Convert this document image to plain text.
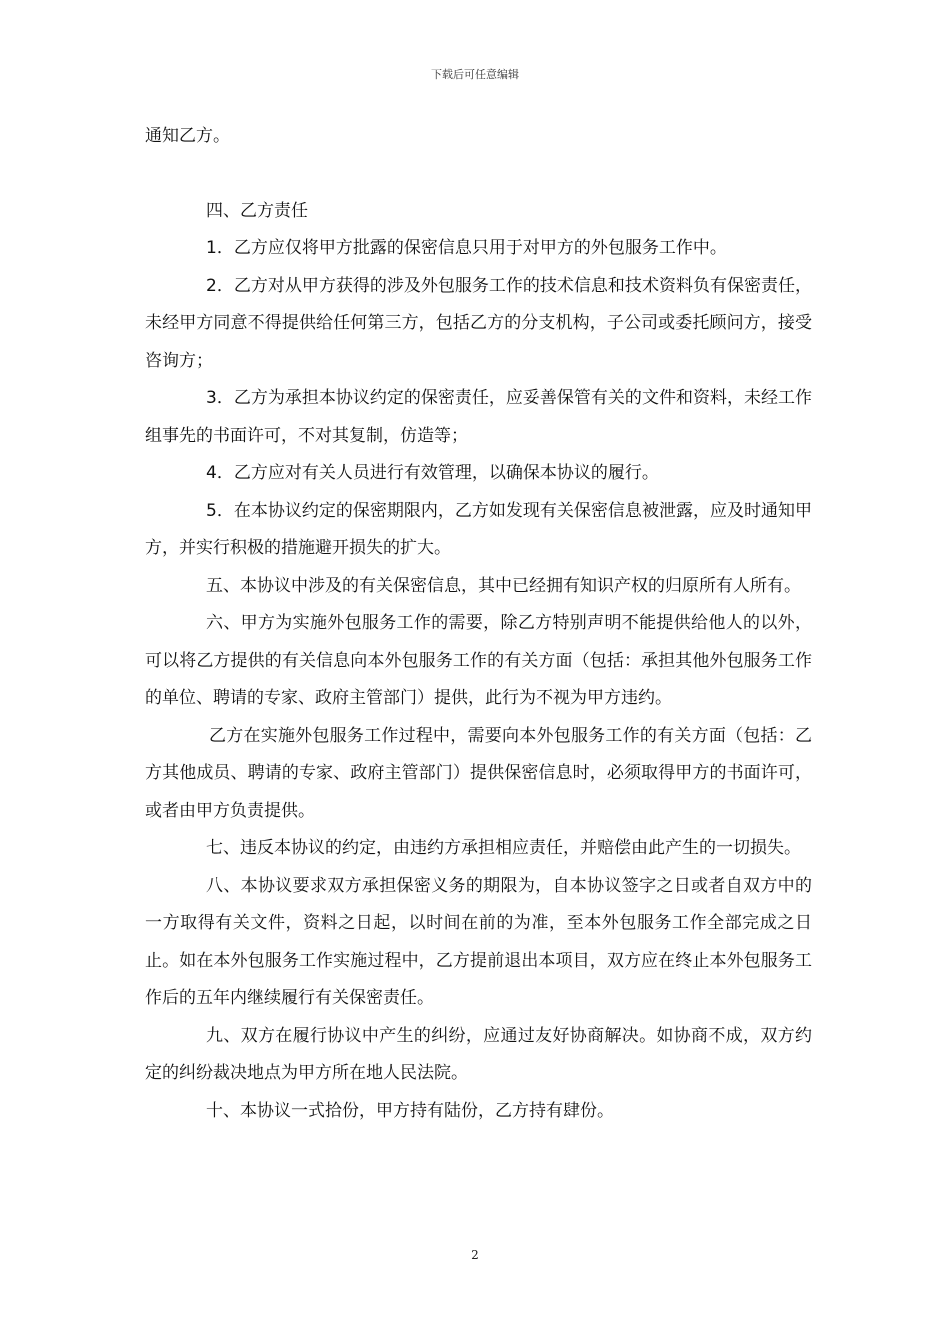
下载后可任意编辑

通知乙方。

四、乙方责任

1．乙方应仅将甲方批露的保密信息只用于对甲方的外包服务工作中。

2．乙方对从甲方获得的涉及外包服务工作的技术信息和技术资料负有保密责任，未经甲方同意不得提供给任何第三方，包括乙方的分支机构，子公司或委托顾问方，接受咨询方；

3．乙方为承担本协议约定的保密责任，应妥善保管有关的文件和资料，未经工作组事先的书面许可，不对其复制，仿造等；

4．乙方应对有关人员进行有效管理，以确保本协议的履行。

5．在本协议约定的保密期限内，乙方如发现有关保密信息被泄露，应及时通知甲方，并实行积极的措施避开损失的扩大。

五、本协议中涉及的有关保密信息，其中已经拥有知识产权的归原所有人所有。

六、甲方为实施外包服务工作的需要，除乙方特别声明不能提供给他人的以外，可以将乙方提供的有关信息向本外包服务工作的有关方面（包括：承担其他外包服务工作的单位、聘请的专家、政府主管部门）提供，此行为不视为甲方违约。

乙方在实施外包服务工作过程中，需要向本外包服务工作的有关方面（包括：乙方其他成员、聘请的专家、政府主管部门）提供保密信息时，必须取得甲方的书面许可，或者由甲方负责提供。

七、违反本协议的约定，由违约方承担相应责任，并赔偿由此产生的一切损失。

八、本协议要求双方承担保密义务的期限为，自本协议签字之日或者自双方中的一方取得有关文件，资料之日起，以时间在前的为准，至本外包服务工作全部完成之日止。如在本外包服务工作实施过程中，乙方提前退出本项目，双方应在终止本外包服务工作后的五年内继续履行有关保密责任。

九、双方在履行协议中产生的纠纷，应通过友好协商解决。如协商不成，双方约定的纠纷裁决地点为甲方所在地人民法院。

十、本协议一式拾份，甲方持有陆份，乙方持有肆份。

2
